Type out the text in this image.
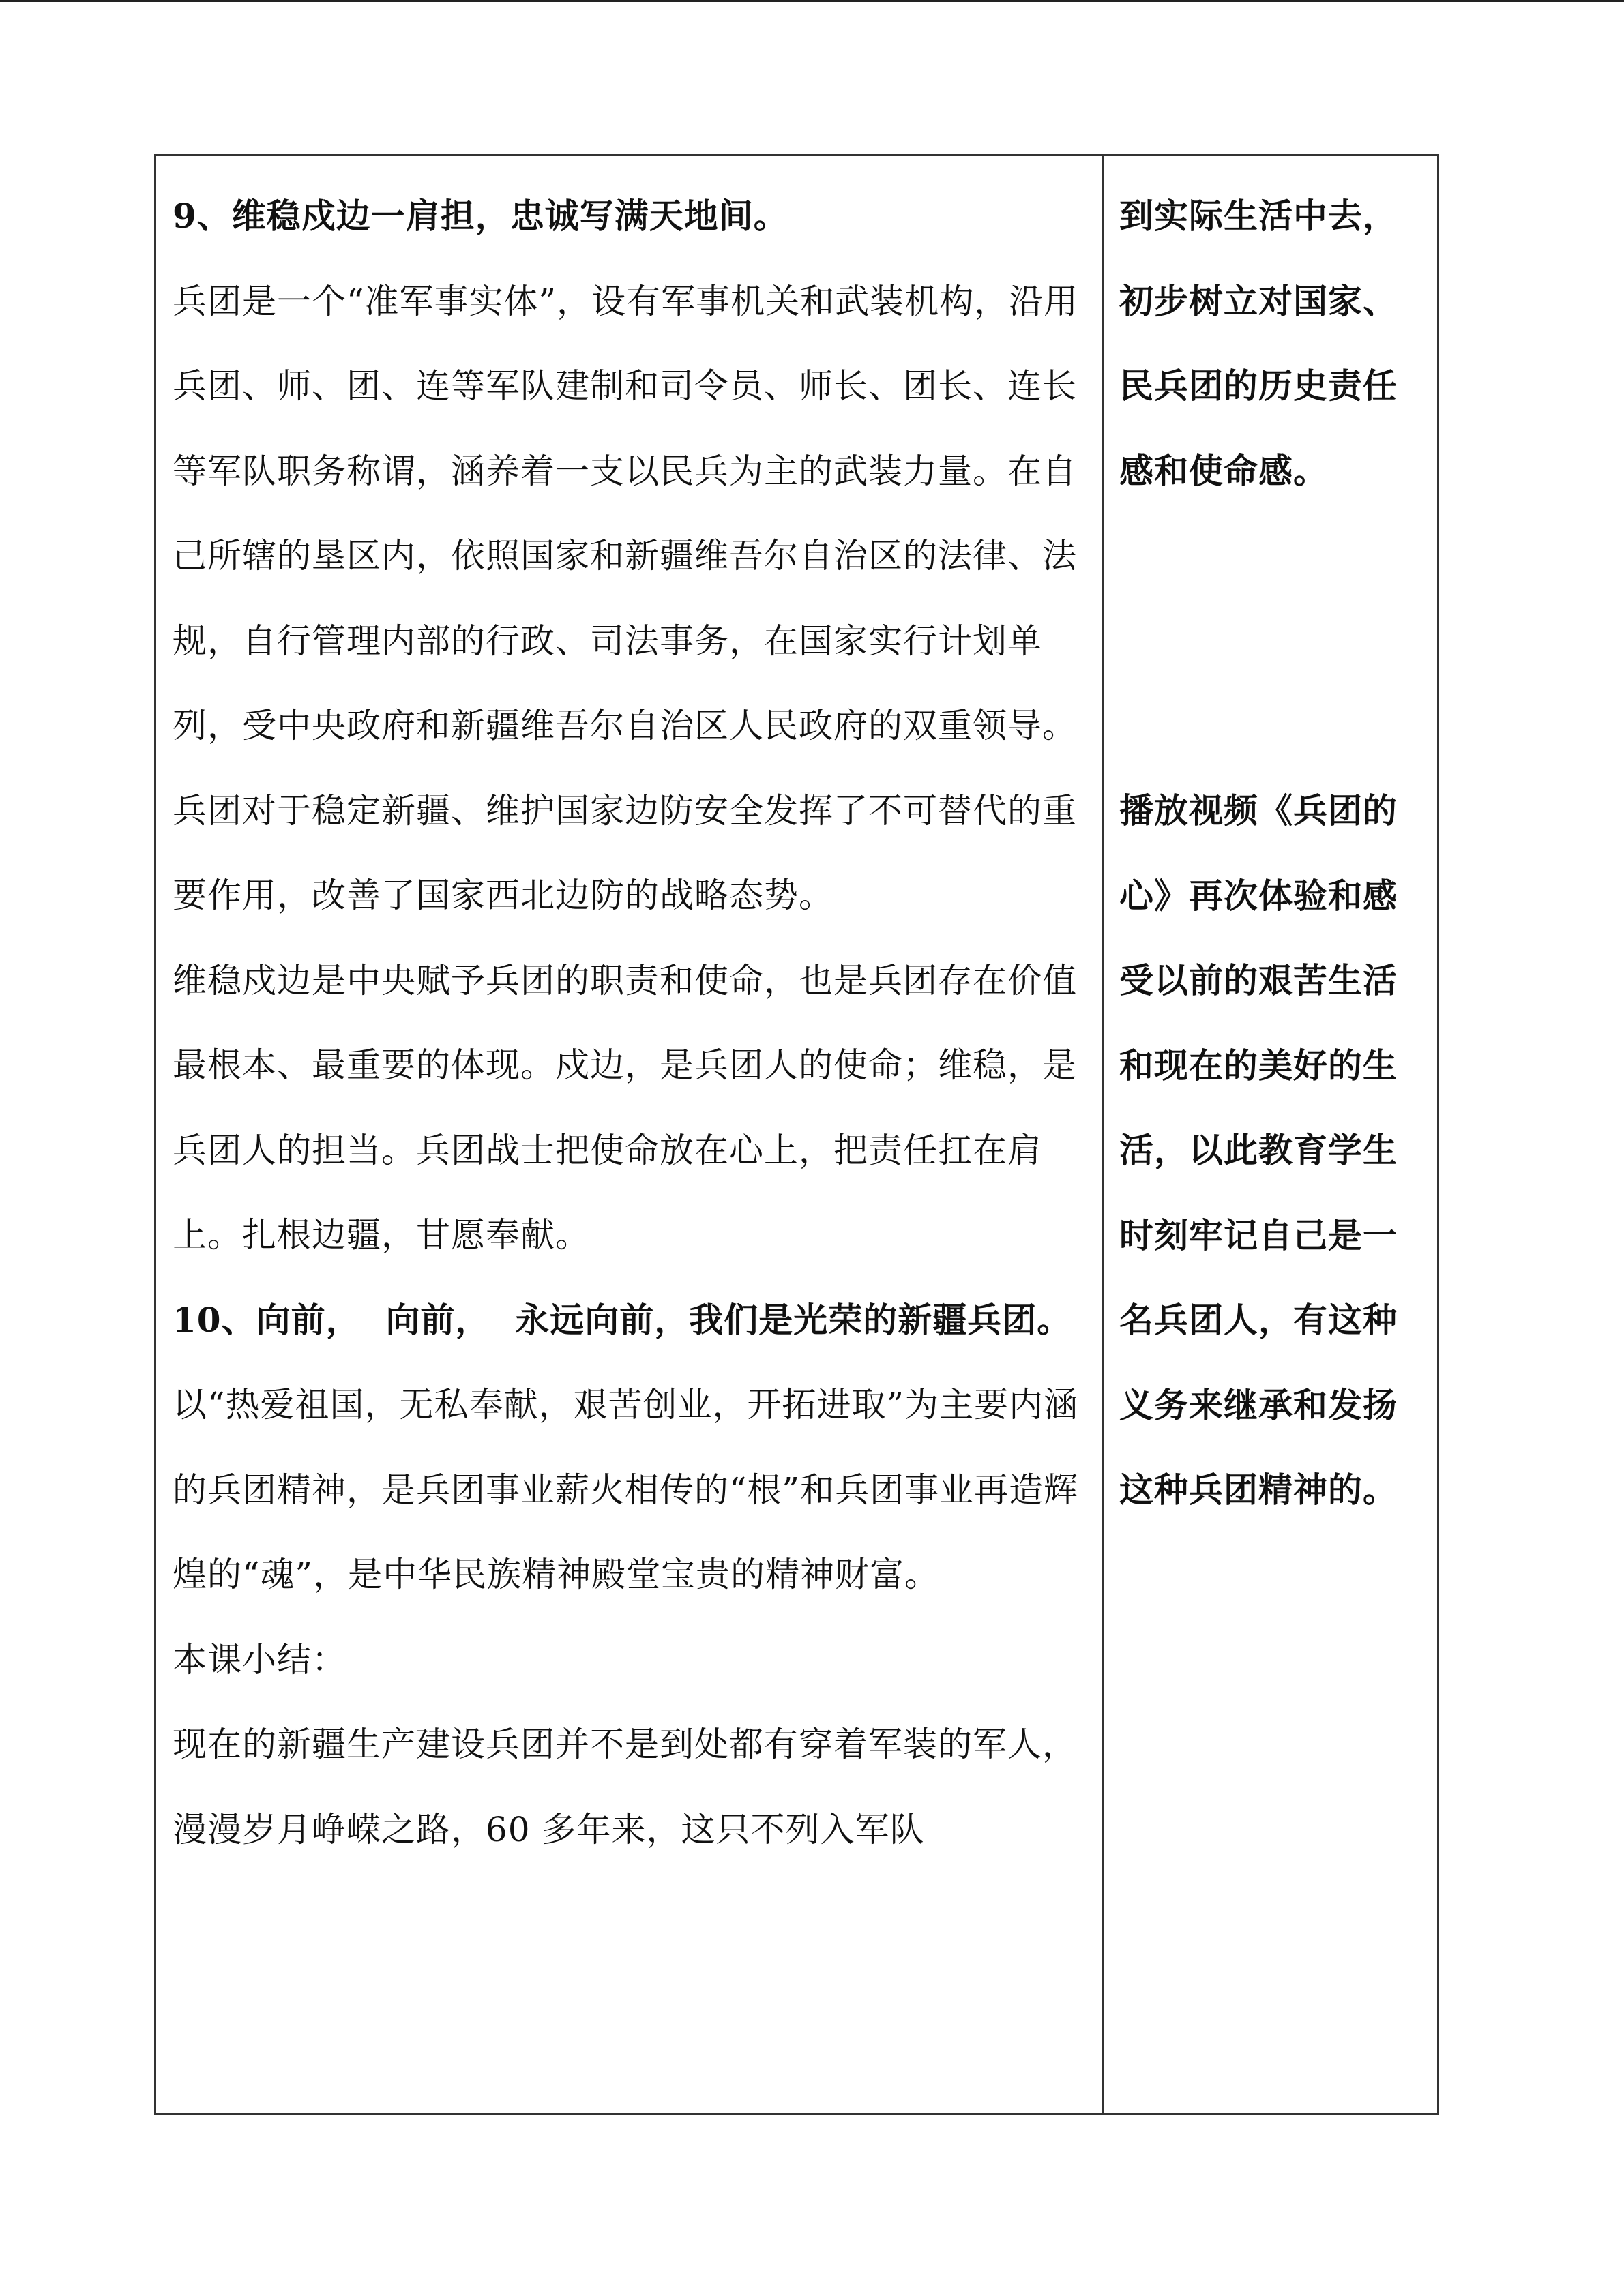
9、维稳戍边一肩担，忠诚写满天地间。

兵团是一个“准军事实体”，设有军事机关和武装机构，沿用兵团、师、团、连等军队建制和司令员、师长、团长、连长等军队职务称谓，涵养着一支以民兵为主的武装力量。在自己所辖的垦区内，依照国家和新疆维吾尔自治区的法律、法规，自行管理内部的行政、司法事务，在国家实行计划单列，受中央政府和新疆维吾尔自治区人民政府的双重领导。兵团对于稳定新疆、维护国家边防安全发挥了不可替代的重要作用，改善了国家西北边防的战略态势。

维稳戍边是中央赋予兵团的职责和使命，也是兵团存在价值最根本、最重要的体现。戍边，是兵团人的使命；维稳，是兵团人的担当。兵团战士把使命放在心上，把责任扛在肩上。扎根边疆，甘愿奉献。

10、向前，  向前，  永远向前，我们是光荣的新疆兵团。

以“热爱祖国，无私奉献，艰苦创业，开拓进取”为主要内涵的兵团精神，是兵团事业薪火相传的“根”和兵团事业再造辉煌的“魂”，是中华民族精神殿堂宝贵的精神财富。

本课小结：

现在的新疆生产建设兵团并不是到处都有穿着军装的军人，漫漫岁月峥嵘之路，60 多年来，这只不列入军队

到实际生活中去，初步树立对国家、民兵团的历史责任感和使命感。

播放视频《兵团的心》再次体验和感受以前的艰苦生活和现在的美好的生活，以此教育学生时刻牢记自己是一名兵团人，有这种义务来继承和发扬这种兵团精神的。
